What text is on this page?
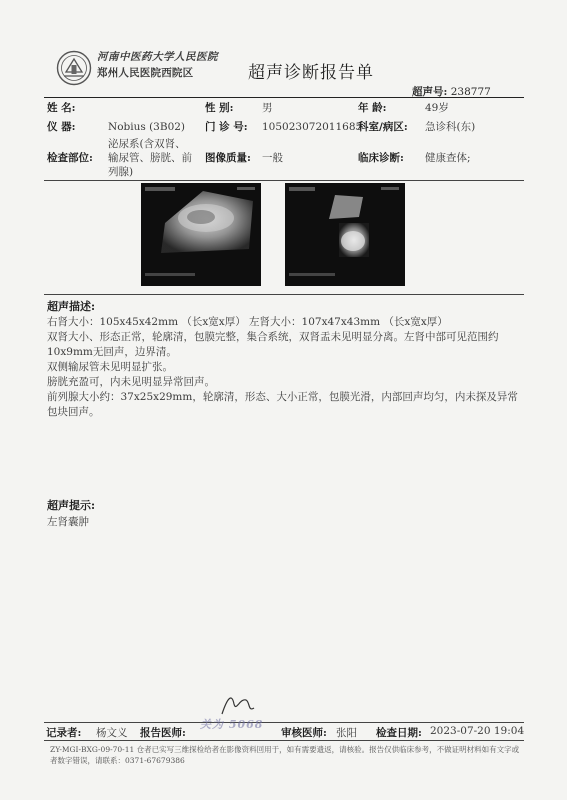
河南中医药大学人民医院
郑州人民医院西院区	超声诊断报告单
超声号: 238777
姓 名:	性 别:	男	年 龄:	49岁
仪 器:	Nobius (3B02) 门 诊 号: 105023072011685
科室/病区: 急诊科(东)
检查部位:
泌尿系(含双肾、
输尿管、膀胱、前
列腺)
图像质量: 一般	临床诊断: 健康查体;
超声描述:
右肾大小：105x45x42mm （长x宽x厚） 左肾大小：107x47x43mm （长x宽x厚）
双肾大小、形态正常，轮廓清，包膜完整，集合系统，双肾盂未见明显分离。左肾中部可见范围约10x9mm无回声，边界清。
双侧输尿管未见明显扩张。
膀胱充盈可，内未见明显异常回声。
前列腺大小约：37x25x29mm，轮廓清，形态、大小正常，包膜光滑，内部回声均匀，内未探及异常包块回声。
超声提示:
左肾囊肿
记录者: 杨文义 报告医师:	审核医师: 张阳 检查日期: 2023-07-20 19:04
关为 5068
ZY-MGI-BXG-09-70-11 仓者已实写三维探检给者在影像资料回用于，如有需要遗返，请核验。报告仅供临床参考，不做证明材料如有文字或者数字错误，请联系：0371-67679386
